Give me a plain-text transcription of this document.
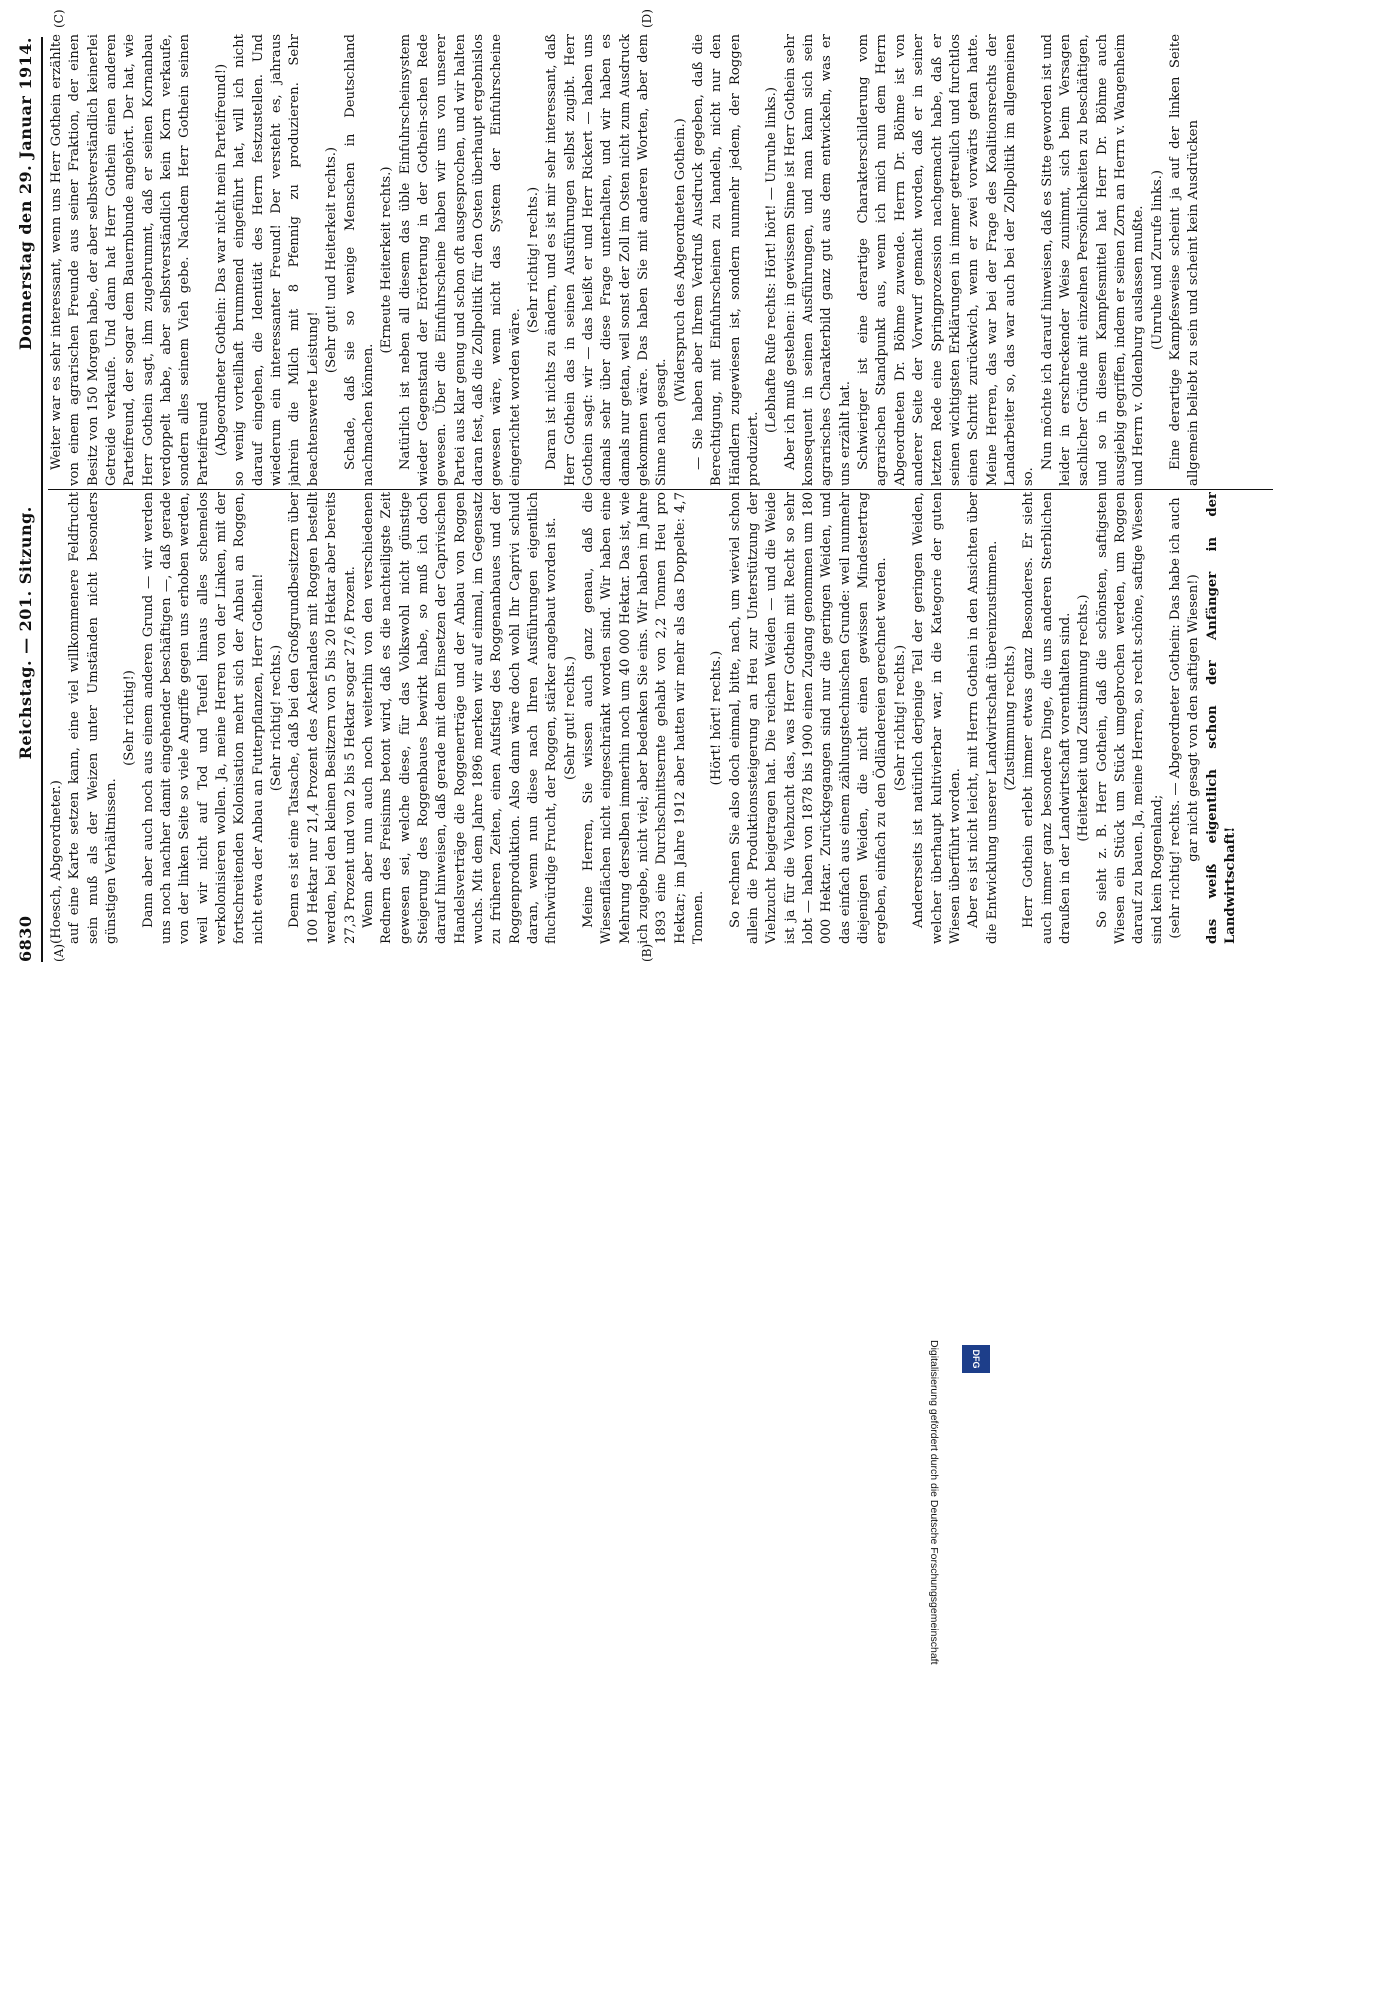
6830
Reichstag. — 201. Sitzung.
Donnerstag den 29. Januar 1914.
(A)	(B)
(C)	(D)

(Hoesch, Abgeordneter.) auf eine Karte setzen kann, eine viel willkommenere Feldfrucht sein muß als der Weizen unter Umständen nicht besonders günstigen Verhältnissen.

(Sehr richtig!) Dann aber auch noch aus einem anderen Grund — wir werden uns noch nachher damit eingehender beschäftigen —, daß gerade von der linken Seite so viele Angriffe gegen uns erhoben werden, weil wir nicht auf Tod und Teufel hinaus alles schemelos verkolonisieren wollen. Ja, meine Herren von der Linken, mit der fortschreitenden Kolonisation mehrt sich der Anbau an Roggen, nicht etwa der Anbau an Futterpflanzen, Herr Gothein! (Sehr richtig! rechts.) Denn es ist eine Tatsache, daß bei den Großgrundbesitzern über 100 Hektar nur 21,4 Prozent des Ackerlandes mit Roggen bestellt werden, bei den kleinen Besitzern von 5 bis 20 Hektar aber bereits 27,3 Prozent und von 2 bis 5 Hektar sogar 27,6 Prozent. Wenn aber nun auch noch weiterhin von den verschiedenen Rednern des Freisinns betont wird, daß es die nachteiligste Zeit gewesen sei, welche diese, für das Volkswohl nicht günstige Steigerung des Roggenbaues bewirkt habe, so muß ich doch darauf hinweisen, daß gerade mit dem Einsetzen der Caprivischen Handelsverträge die Roggenerträge und der Anbau von Roggen wuchs. Mit dem Jahre 1896 merken wir auf einmal, im Gegensatz zu früheren Zeiten, einen Aufstieg des Roggenanbaues und der Roggenproduktion. Also dann wäre doch wohl Ihr Caprivi schuld daran, wenn nun diese nach Ihren Ausführungen eigentlich fluchwürdige Frucht, der Roggen, stärker angebaut worden ist. (Sehr gut! rechts.) Meine Herren, Sie wissen auch ganz genau, daß die Wiesenflächen nicht eingeschränkt worden sind. Wir haben eine Mehrung derselben immerhin noch um 40 000 Hektar. Das ist, wie ich zugebe, nicht viel; aber bedenken Sie eins. Wir haben im Jahre 1893 eine Durchschnittsernte gehabt von 2,2 Tonnen Heu pro Hektar; im Jahre 1912 aber hatten wir mehr als das Doppelte: 4,7 Tonnen.

(Hört! hört! rechts.) So rechnen Sie also doch einmal, bitte, nach, um wieviel schon allein die Produktionssteigerung an Heu zur Unterstützung der Viehzucht beigetragen hat. Die reichen Weiden — und die Weide ist ja für die Viehzucht das, was Herr Gothein mit Recht so sehr lobt — haben von 1878 bis 1900 einen Zugang genommen um 180 000 Hektar. Zurückgegangen sind nur die geringen Weiden, und das einfach aus einem zählungstechnischen Grunde: weil nunmehr diejenigen Weiden, die nicht einen gewissen Mindestertrag ergeben, einfach zu den Ödländereien gerechnet werden. (Sehr richtig! rechts.) Andererseits ist natürlich derjenige Teil der geringen Weiden, welcher überhaupt kultivierbar war, in die Kategorie der guten Wiesen überführt worden. Aber es ist nicht leicht, mit Herrn Gothein in den Ansichten über die Entwicklung unserer Landwirtschaft übereinzustimmen. (Zustimmung rechts.) Herr Gothein erlebt immer etwas ganz Besonderes. Er sieht auch immer ganz besondere Dinge, die uns anderen Sterblichen draußen in der Landwirtschaft vorenthalten sind. (Heiterkeit und Zustimmung rechts.) So sieht z. B. Herr Gothein, daß die schönsten, saftigsten Wiesen ein Stück um Stück umgebrochen werden, um Roggen darauf zu bauen. Ja, meine Herren, so recht schöne, saftige Wiesen sind kein Roggenland; (sehr richtig! rechts. — Abgeordneter Gothein: Das habe ich auch gar nicht gesagt von den saftigen Wiesen!) das weiß eigentlich schon der Anfänger in der Landwirtschaft!

Weiter war es sehr interessant, wenn uns Herr Gothein erzählte von einem agrarischen Freunde aus seiner Fraktion, der einen Besitz von 150 Morgen habe, der aber selbstverständlich keinerlei Getreide verkaufe. Und dann hat Herr Gothein einen anderen Parteifreund, der sogar dem Bauernbunde angehört. Der hat, wie Herr Gothein sagt, ihm zugebrummt, daß er seinen Kornanbau verdoppelt habe, aber selbstverständlich kein Korn verkaufe, sondern alles seinem Vieh gebe. Nachdem Herr Gothein seinen Parteifreund (Abgeordneter Gothein: Das war nicht mein Parteifreund!) so wenig vorteilhaft brummend eingeführt hat, will ich nicht darauf eingehen, die Identität des Herrn festzustellen. Und wiederum ein interessanter Freund! Der versteht es, jahraus jahrein die Milch mit 8 Pfennig zu produzieren. Sehr beachtenswerte Leistung!

(Sehr gut! und Heiterkeit rechts.) Schade, daß sie so wenige Menschen in Deutschland nachmachen können.

(Erneute Heiterkeit rechts.) Natürlich ist neben all diesem das üble Einfuhrscheinsystem wieder Gegenstand der Erörterung in der Gothein-schen Rede gewesen. Über die Einfuhrscheine haben wir uns von unserer Partei aus klar genug und schon oft ausgesprochen, und wir halten daran fest, daß die Zollpolitik für den Osten überhaupt ergebnislos gewesen wäre, wenn nicht das System der Einfuhrscheine eingerichtet worden wäre.

(Sehr richtig! rechts.) Daran ist nichts zu ändern, und es ist mir sehr interessant, daß Herr Gothein das in seinen Ausführungen selbst zugibt. Herr Gothein sagt: wir — das heißt er und Herr Rickert — haben uns damals sehr über diese Frage unterhalten, und wir haben es damals nur getan, weil sonst der Zoll im Osten nicht zum Ausdruck gekommen wäre. Das haben Sie mit anderen Worten, aber dem Sinne nach gesagt.

(Widerspruch des Abgeordneten Gothein.) — Sie haben aber Ihrem Verdruß Ausdruck gegeben, daß die Berechtigung, mit Einfuhrscheinen zu handeln, nicht nur den Händlern zugewiesen ist, sondern nunmehr jedem, der Roggen produziert.

(Lebhafte Rufe rechts: Hört! hört! — Unruhe links.) Aber ich muß gestehen: in gewissem Sinne ist Herr Gothein sehr konsequent in seinen Ausführungen, und man kann sich sein agrarisches Charakterbild ganz gut aus dem entwickeln, was er uns erzählt hat. Schwieriger ist eine derartige Charakterschilderung vom agrarischen Standpunkt aus, wenn ich mich nun dem Herrn Abgeordneten Dr. Böhme zuwende. Herrn Dr. Böhme ist von anderer Seite der Vorwurf gemacht worden, daß er in seiner letzten Rede eine Springprozession nachgemacht habe, daß er seinen wichtigsten Erklärungen in immer getreulich und furchtlos einen Schritt zurückwich, wenn er zwei vorwärts getan hatte. Meine Herren, das war bei der Frage des Koalitionsrechts der Landarbeiter so, das war auch bei der Zollpolitik im allgemeinen so.

Nun möchte ich darauf hinweisen, daß es Sitte geworden ist und leider in erschreckender Weise zunimmt, sich beim Versagen sachlicher Gründe mit einzelnen Persönlichkeiten zu beschäftigen, und so in diesem Kampfesmittel hat Herr Dr. Böhme auch ausgiebig gegriffen, indem er seinen Zorn an Herrn v. Wangenheim und Herrn v. Oldenburg auslassen mußte. (Unruhe und Zurufe links.) Eine derartige Kampfesweise scheint ja auf der linken Seite allgemein beliebt zu sein und scheint kein Ausdrücken

DFG
Digitalisierung gefördert durch die Deutsche Forschungsgemeinschaft
